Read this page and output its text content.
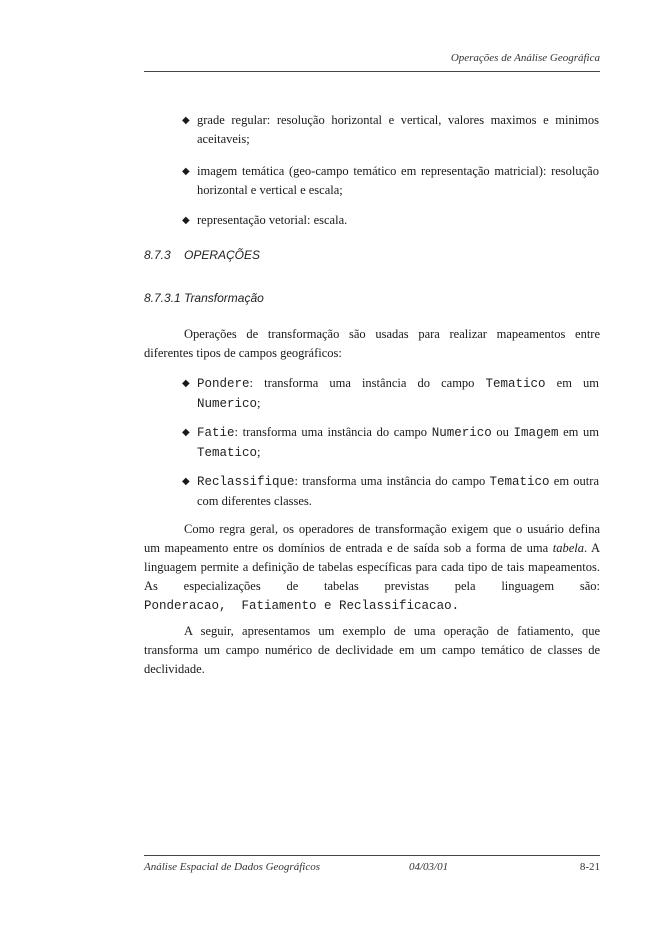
Operações de Análise Geográfica
◆ grade regular: resolução horizontal e vertical, valores maximos e minimos aceitaveis;
◆ imagem temática (geo-campo temático em representação matricial): resolução horizontal e vertical e escala;
◆ representação vetorial: escala.
8.7.3 OPERAÇÕES
8.7.3.1 Transformação
Operações de transformação são usadas para realizar mapeamentos entre diferentes tipos de campos geográficos:
◆ Pondere: transforma uma instância do campo Tematico em um Numerico;
◆ Fatie: transforma uma instância do campo Numerico ou Imagem em um Tematico;
◆ Reclassifique: transforma uma instância do campo Tematico em outra com diferentes classes.
Como regra geral, os operadores de transformação exigem que o usuário defina um mapeamento entre os domínios de entrada e de saída sob a forma de uma tabela. A linguagem permite a definição de tabelas específicas para cada tipo de tais mapeamentos. As especializações de tabelas previstas pela linguagem são: Ponderacao, Fatiamento e Reclassificacao.
A seguir, apresentamos um exemplo de uma operação de fatiamento, que transforma um campo numérico de declividade em um campo temático de classes de declividade.
Análise Espacial de Dados Geográficos	04/03/01	8-21
